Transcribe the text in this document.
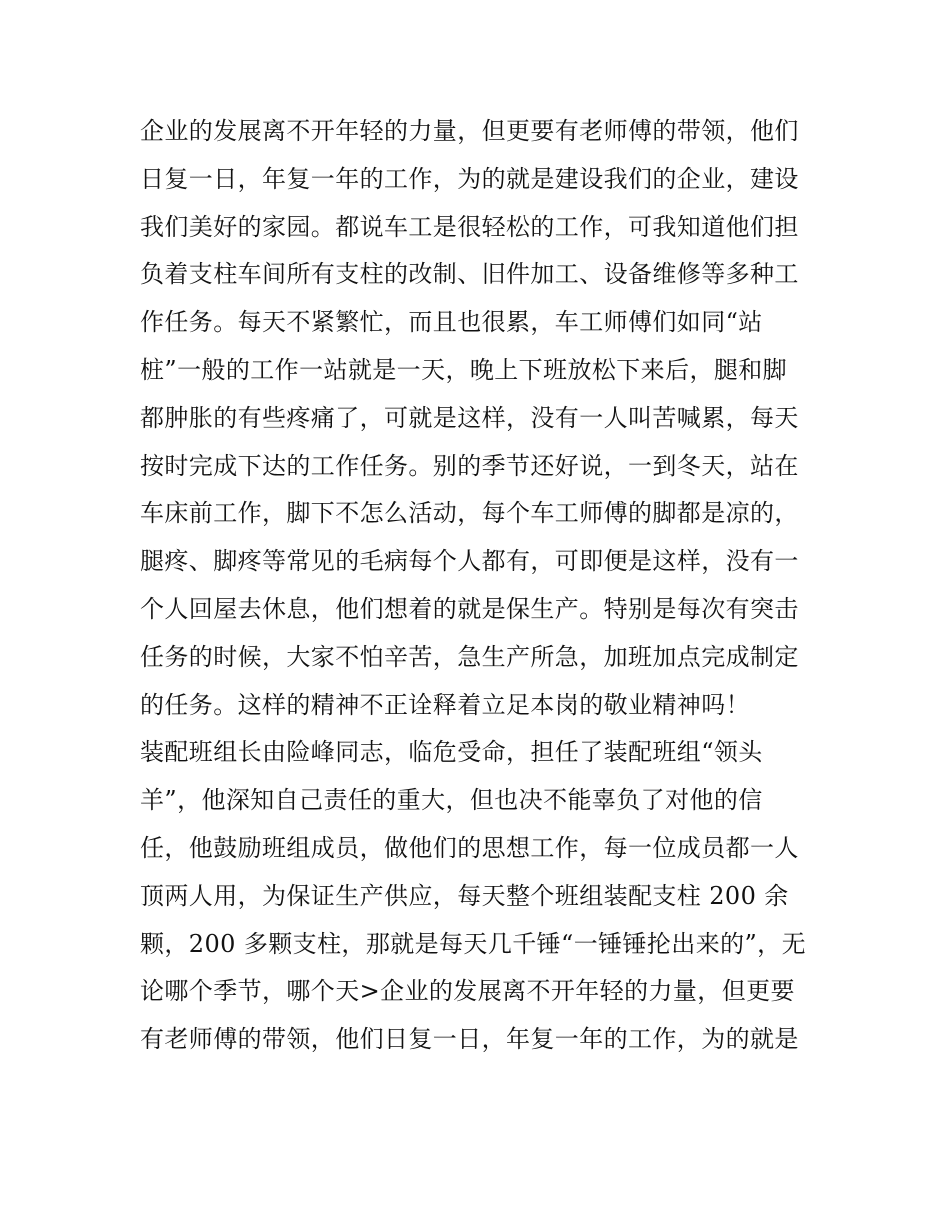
企业的发展离不开年轻的力量，但更要有老师傅的带领，他们
日复一日，年复一年的工作，为的就是建设我们的企业，建设
我们美好的家园。都说车工是很轻松的工作，可我知道他们担
负着支柱车间所有支柱的改制、旧件加工、设备维修等多种工
作任务。每天不紧繁忙，而且也很累，车工师傅们如同“站
桩”一般的工作一站就是一天，晚上下班放松下来后，腿和脚
都肿胀的有些疼痛了，可就是这样，没有一人叫苦喊累，每天
按时完成下达的工作任务。别的季节还好说，一到冬天，站在
车床前工作，脚下不怎么活动，每个车工师傅的脚都是凉的，
腿疼、脚疼等常见的毛病每个人都有，可即便是这样，没有一
个人回屋去休息，他们想着的就是保生产。特别是每次有突击
任务的时候，大家不怕辛苦，急生产所急，加班加点完成制定
的任务。这样的精神不正诠释着立足本岗的敬业精神吗！
装配班组长由险峰同志，临危受命，担任了装配班组“领头
羊”，他深知自己责任的重大，但也决不能辜负了对他的信
任，他鼓励班组成员，做他们的思想工作，每一位成员都一人
顶两人用，为保证生产供应，每天整个班组装配支柱 200 余
颗，200 多颗支柱，那就是每天几千锤“一锤锤抡出来的”，无
论哪个季节，哪个天>企业的发展离不开年轻的力量，但更要
有老师傅的带领，他们日复一日，年复一年的工作，为的就是
